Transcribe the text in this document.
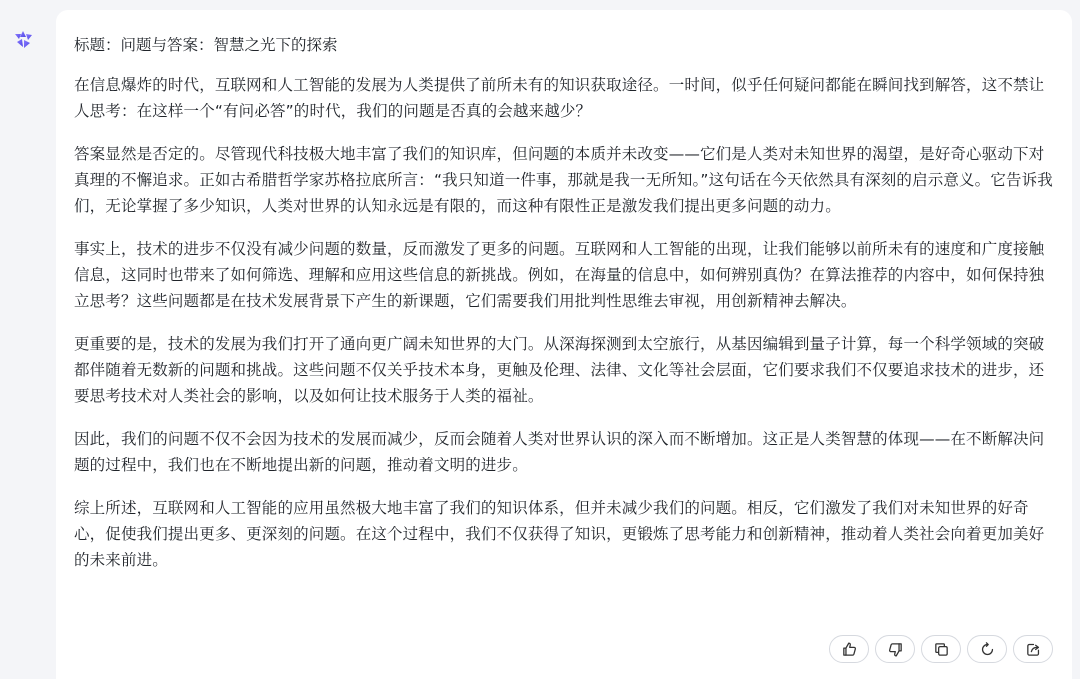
标题：问题与答案：智慧之光下的探索

在信息爆炸的时代，互联网和人工智能的发展为人类提供了前所未有的知识获取途径。一时间，似乎任何疑问都能在瞬间找到解答，这不禁让人思考：在这样一个“有问必答”的时代，我们的问题是否真的会越来越少？

答案显然是否定的。尽管现代科技极大地丰富了我们的知识库，但问题的本质并未改变——它们是人类对未知世界的渴望，是好奇心驱动下对真理的不懈追求。正如古希腊哲学家苏格拉底所言：“我只知道一件事，那就是我一无所知。”这句话在今天依然具有深刻的启示意义。它告诉我们，无论掌握了多少知识，人类对世界的认知永远是有限的，而这种有限性正是激发我们提出更多问题的动力。

事实上，技术的进步不仅没有减少问题的数量，反而激发了更多的问题。互联网和人工智能的出现，让我们能够以前所未有的速度和广度接触信息，这同时也带来了如何筛选、理解和应用这些信息的新挑战。例如，在海量的信息中，如何辨别真伪？在算法推荐的内容中，如何保持独立思考？这些问题都是在技术发展背景下产生的新课题，它们需要我们用批判性思维去审视，用创新精神去解决。

更重要的是，技术的发展为我们打开了通向更广阔未知世界的大门。从深海探测到太空旅行，从基因编辑到量子计算，每一个科学领域的突破都伴随着无数新的问题和挑战。这些问题不仅关乎技术本身，更触及伦理、法律、文化等社会层面，它们要求我们不仅要追求技术的进步，还要思考技术对人类社会的影响，以及如何让技术服务于人类的福祉。

因此，我们的问题不仅不会因为技术的发展而减少，反而会随着人类对世界认识的深入而不断增加。这正是人类智慧的体现——在不断解决问题的过程中，我们也在不断地提出新的问题，推动着文明的进步。

综上所述，互联网和人工智能的应用虽然极大地丰富了我们的知识体系，但并未减少我们的问题。相反，它们激发了我们对未知世界的好奇心，促使我们提出更多、更深刻的问题。在这个过程中，我们不仅获得了知识，更锻炼了思考能力和创新精神，推动着人类社会向着更加美好的未来前进。
